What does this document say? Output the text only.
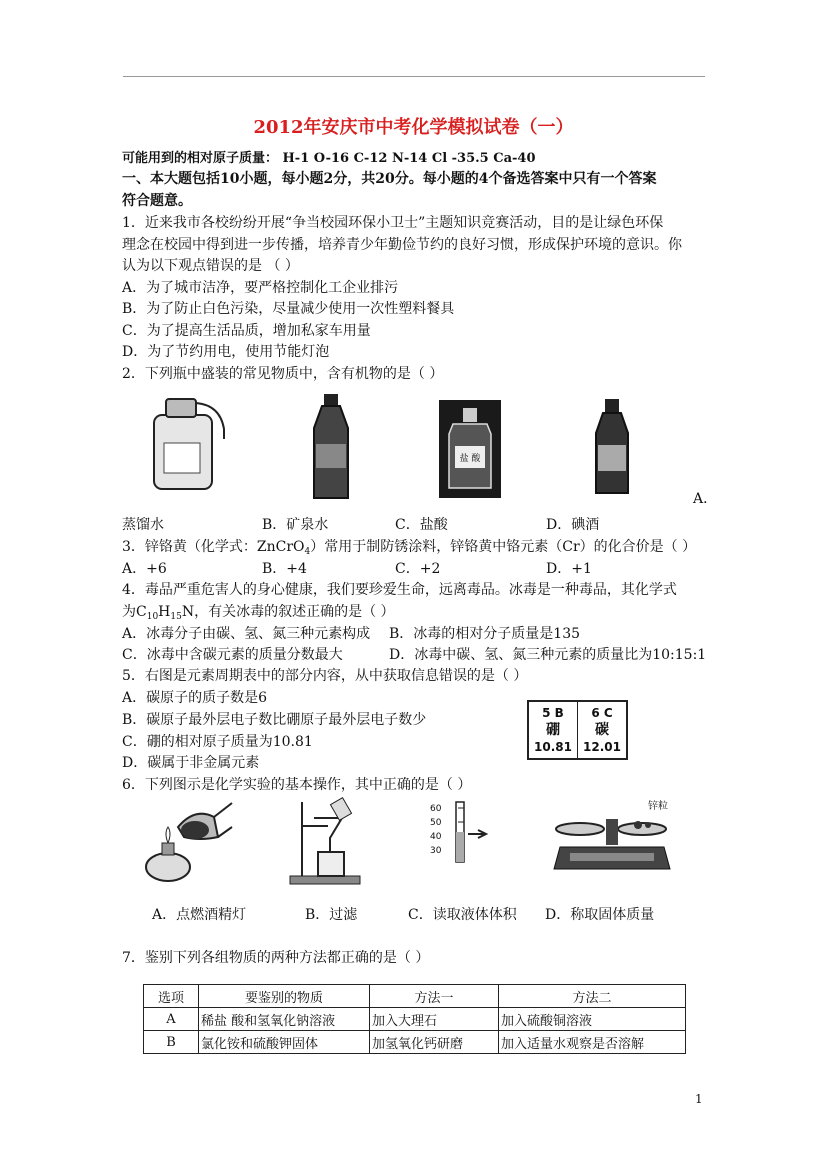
2012年安庆市中考化学模拟试卷（一）
可能用到的相对原子质量： H-1 O-16 C-12 N-14 Cl -35.5 Ca-40
一、本大题包括10小题，每小题2分，共20分。每小题的4个备选答案中只有一个答案
符合题意。
1．近来我市各校纷纷开展“争当校园环保小卫士”主题知识竞赛活动，目的是让绿色环保
理念在校园中得到进一步传播，培养青少年勤俭节约的良好习惯，形成保护环境的意识。你
认为以下观点错误的是 （ ）
A．为了城市洁净，要严格控制化工企业排污
B．为了防止白色污染，尽量减少使用一次性塑料餐具
C．为了提高生活品质，增加私家车用量
D．为了节约用电，使用节能灯泡
2．下列瓶中盛装的常见物质中，含有机物的是（ ）
盐 酸
A．
蒸馏水	B．矿泉水	C．盐酸	D．碘酒
3．锌铬黄（化学式：ZnCrO$_4$）常用于制防锈涂料，锌铬黄中铬元素（Cr）的化合价是（ ）
A．+6	B．+4	C．+2	D．+1
4．毒品严重危害人的身心健康，我们要珍爱生命，远离毒品。冰毒是一种毒品，其化学式
为$C_{10}H_{15}N$，有关冰毒的叙述正确的是（ ）
A．冰毒分子由碳、氢、氮三种元素构成 B．冰毒的相对分子质量是135
C．冰毒中含碳元素的质量分数最大	D．冰毒中碳、氢、氮三种元素的质量比为10:15:1
5．右图是元素周期表中的部分内容，从中获取信息错误的是（ ）
A．碳原子的质子数是6
B．碳原子最外层电子数比硼原子最外层电子数少
C．硼的相对原子质量为10.81
D．碳属于非金属元素
5 B
硼
10.81

6 C
碳
12.01
6．下列图示是化学实验的基本操作，其中正确的是（ ）
60
50
40
30
锌粒
A．点燃酒精灯	B．过滤	C．读取液体体积 D．称取固体质量
7．鉴别下列各组物质的两种方法都正确的是（ ）
选项	要鉴别的物质	方法一	方法二
A	稀盐 酸和氢氧化钠溶液	加入大理石	加入硫酸铜溶液
B	氯化铵和硫酸钾固体	加氢氧化钙研磨	加入适量水观察是否溶解
1
